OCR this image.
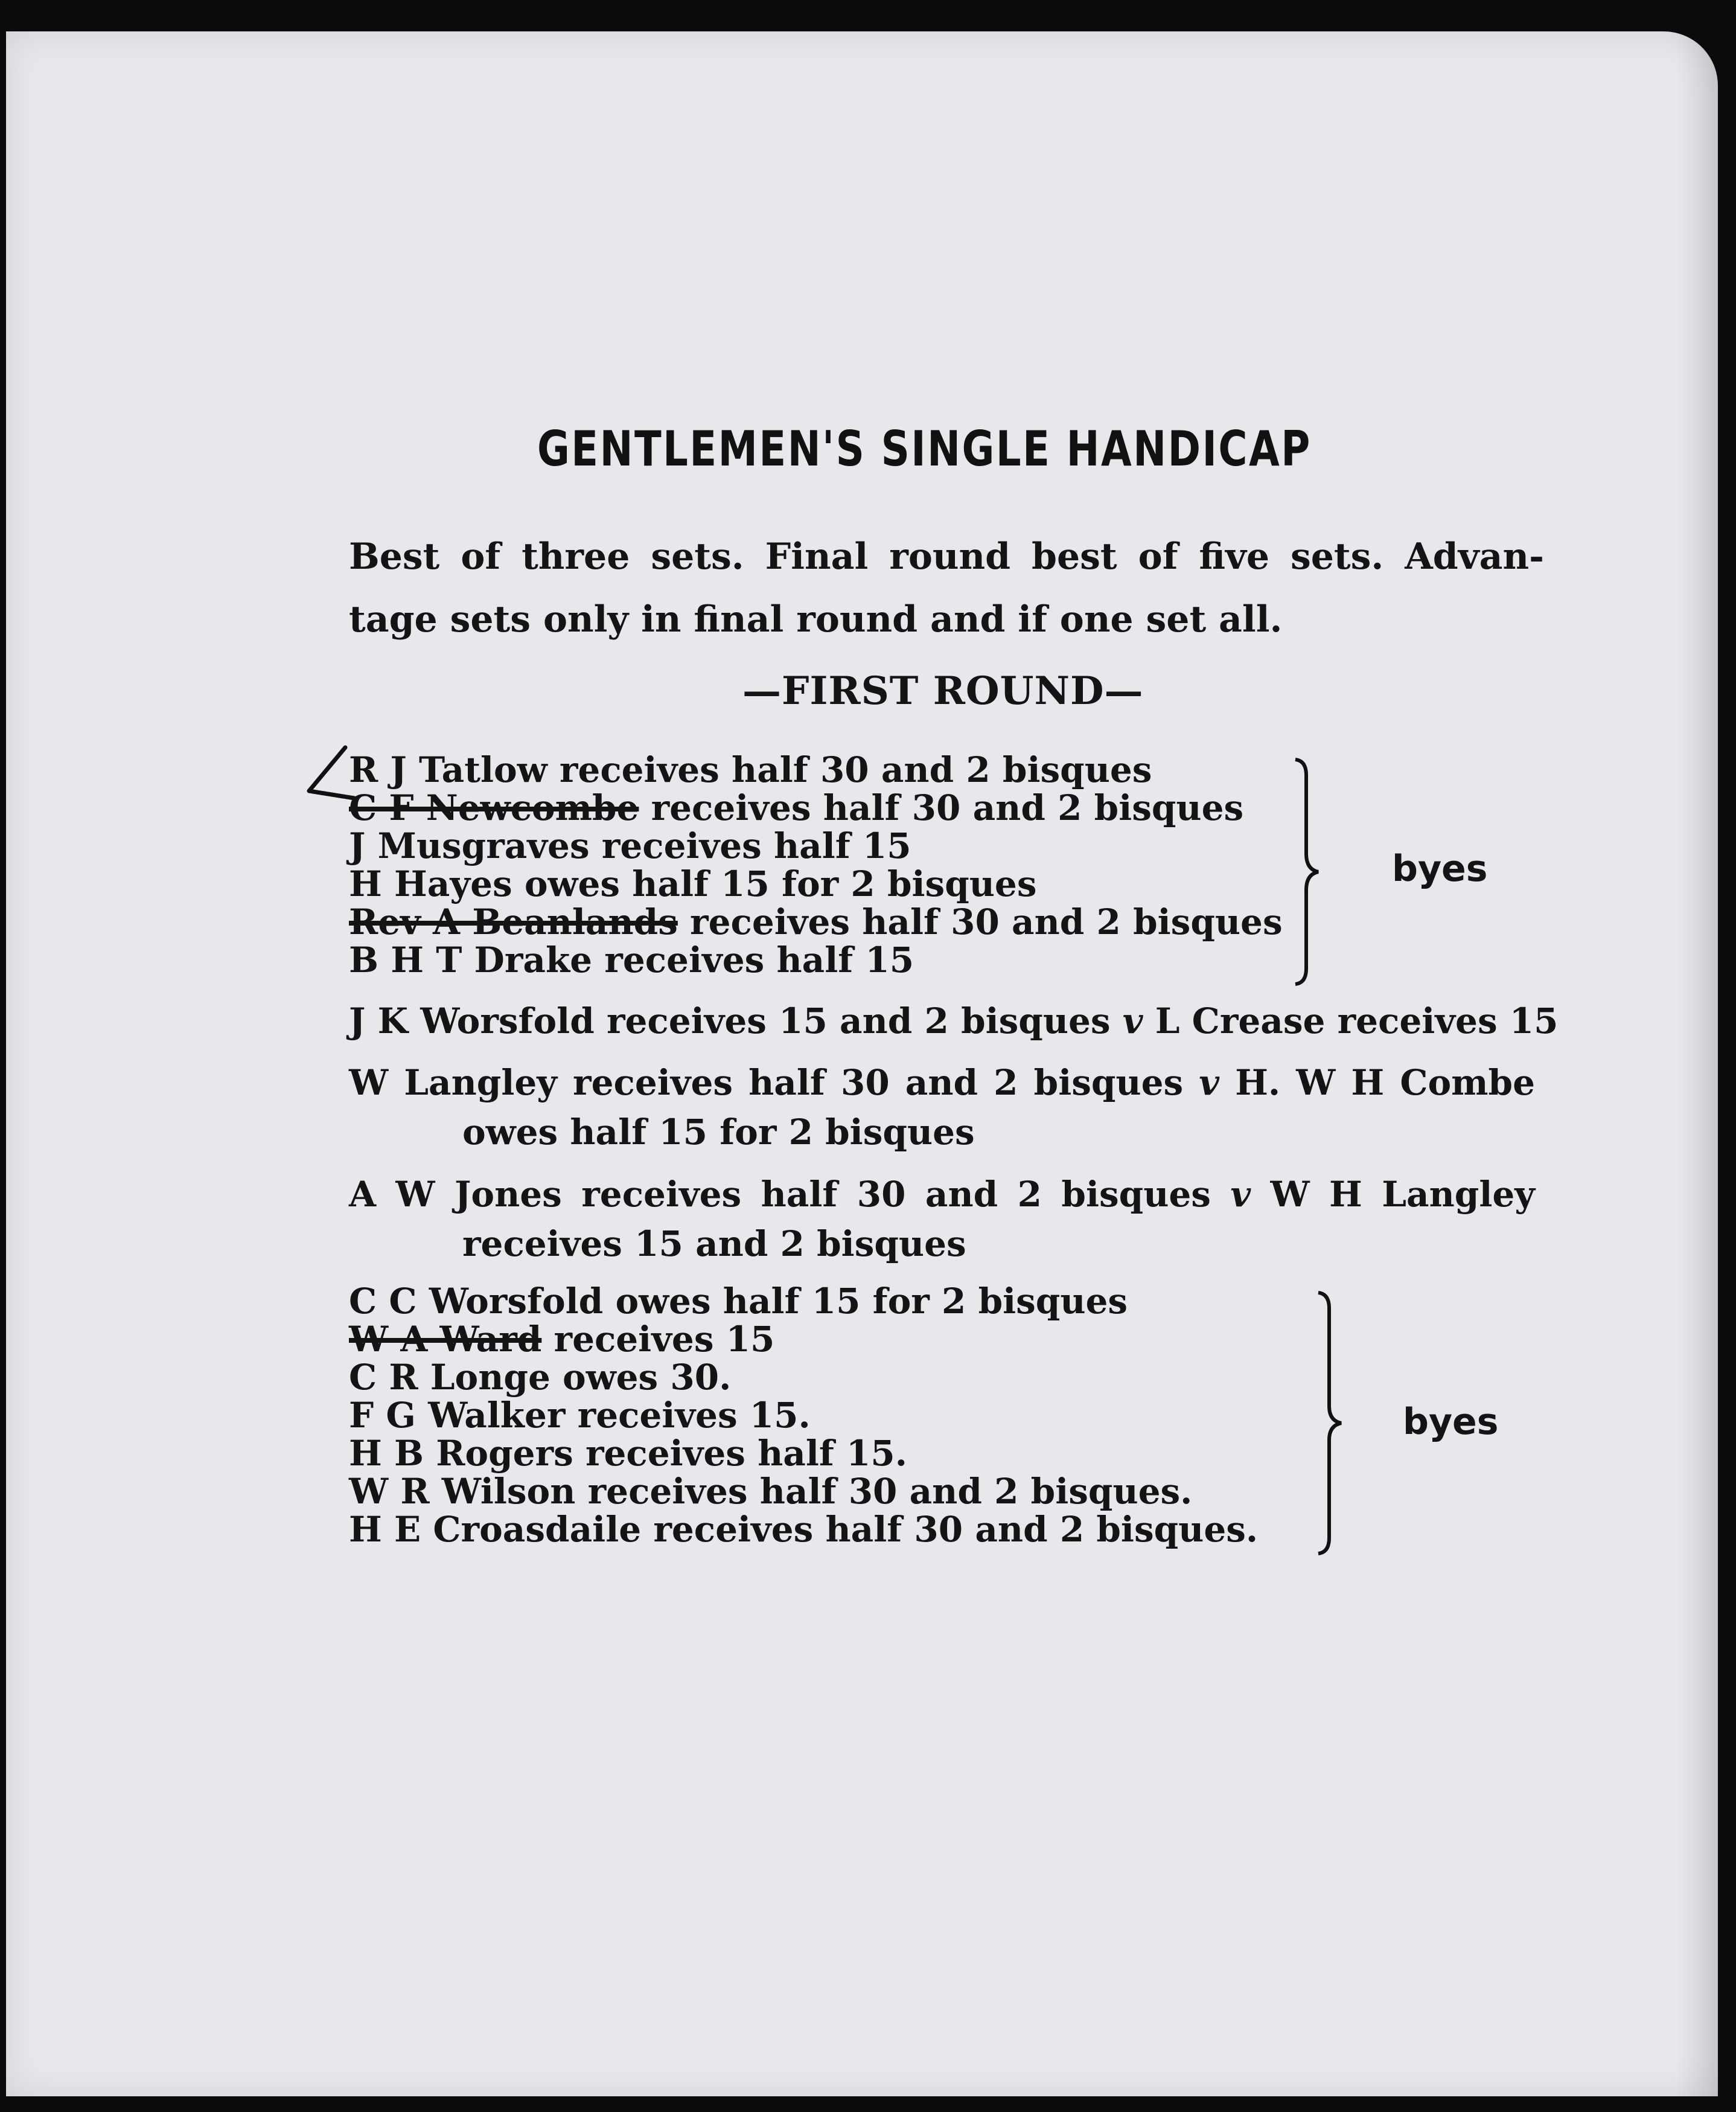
GENTLEMEN'S SINGLE HANDICAP
Best of three sets. Final round best of five sets. Advan-
tage sets only in final round and if one set all.
—FIRST ROUND—
R J Tatlow receives half 30 and 2 bisques
C F Newcombe receives half 30 and 2 bisques
J Musgraves receives half 15
H Hayes owes half 15 for 2 bisques
Rev A Beanlands receives half 30 and 2 bisques
B H T Drake receives half 15
byes
J K Worsfold receives 15 and 2 bisques v L Crease receives 15
W Langley receives half 30 and 2 bisques v H. W H Combe
owes half 15 for 2 bisques
A W Jones receives half 30 and 2 bisques v W H Langley
receives 15 and 2 bisques
C C Worsfold owes half 15 for 2 bisques
W A Ward receives 15
C R Longe owes 30.
F G Walker receives 15.
H B Rogers receives half 15.
W R Wilson receives half 30 and 2 bisques.
H E Croasdaile receives half 30 and 2 bisques.
byes
